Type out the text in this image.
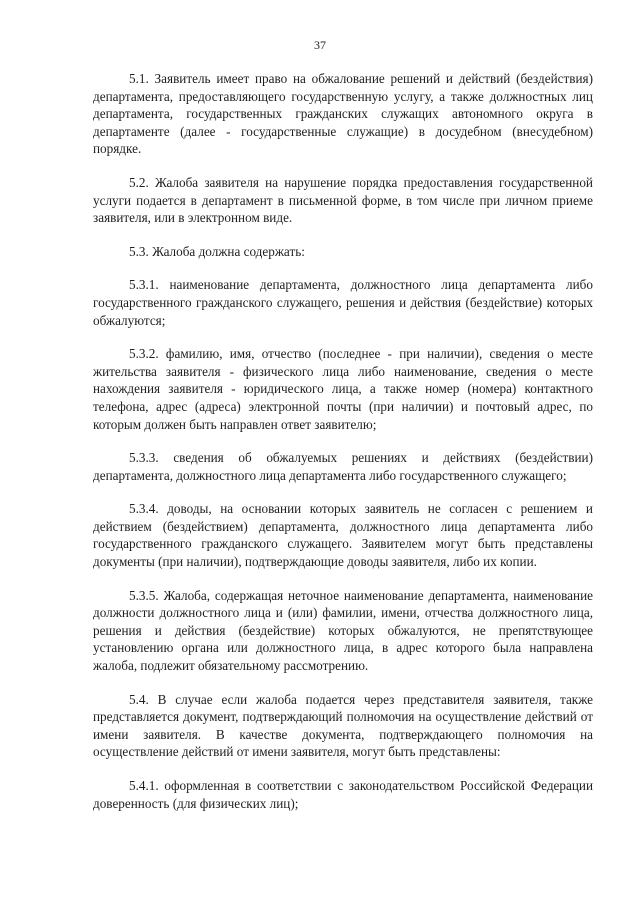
37

5.1. Заявитель имеет право на обжалование решений и действий (бездействия) департамента, предоставляющего государственную услугу, а также должностных лиц департамента, государственных гражданских служащих автономного округа в департаменте (далее - государственные служащие) в досудебном (внесудебном) порядке.

5.2. Жалоба заявителя на нарушение порядка предоставления государственной услуги подается в департамент в письменной форме, в том числе при личном приеме заявителя, или в электронном виде.

5.3. Жалоба должна содержать:

5.3.1. наименование департамента, должностного лица департамента либо государственного гражданского служащего, решения и действия (бездействие) которых обжалуются;

5.3.2. фамилию, имя, отчество (последнее - при наличии), сведения о месте жительства заявителя - физического лица либо наименование, сведения о месте нахождения заявителя - юридического лица, а также номер (номера) контактного телефона, адрес (адреса) электронной почты (при наличии) и почтовый адрес, по которым должен быть направлен ответ заявителю;

5.3.3. сведения об обжалуемых решениях и действиях (бездействии) департамента, должностного лица департамента либо государственного служащего;

5.3.4. доводы, на основании которых заявитель не согласен с решением и действием (бездействием) департамента, должностного лица департамента либо государственного гражданского служащего. Заявителем могут быть представлены документы (при наличии), подтверждающие доводы заявителя, либо их копии.

5.3.5. Жалоба, содержащая неточное наименование департамента, наименование должности должностного лица и (или) фамилии, имени, отчества должностного лица, решения и действия (бездействие) которых обжалуются, не препятствующее установлению органа или должностного лица, в адрес которого была направлена жалоба, подлежит обязательному рассмотрению.

5.4. В случае если жалоба подается через представителя заявителя, также представляется документ, подтверждающий полномочия на осуществление действий от имени заявителя. В качестве документа, подтверждающего полномочия на осуществление действий от имени заявителя, могут быть представлены:

5.4.1. оформленная в соответствии с законодательством Российской Федерации доверенность (для физических лиц);
